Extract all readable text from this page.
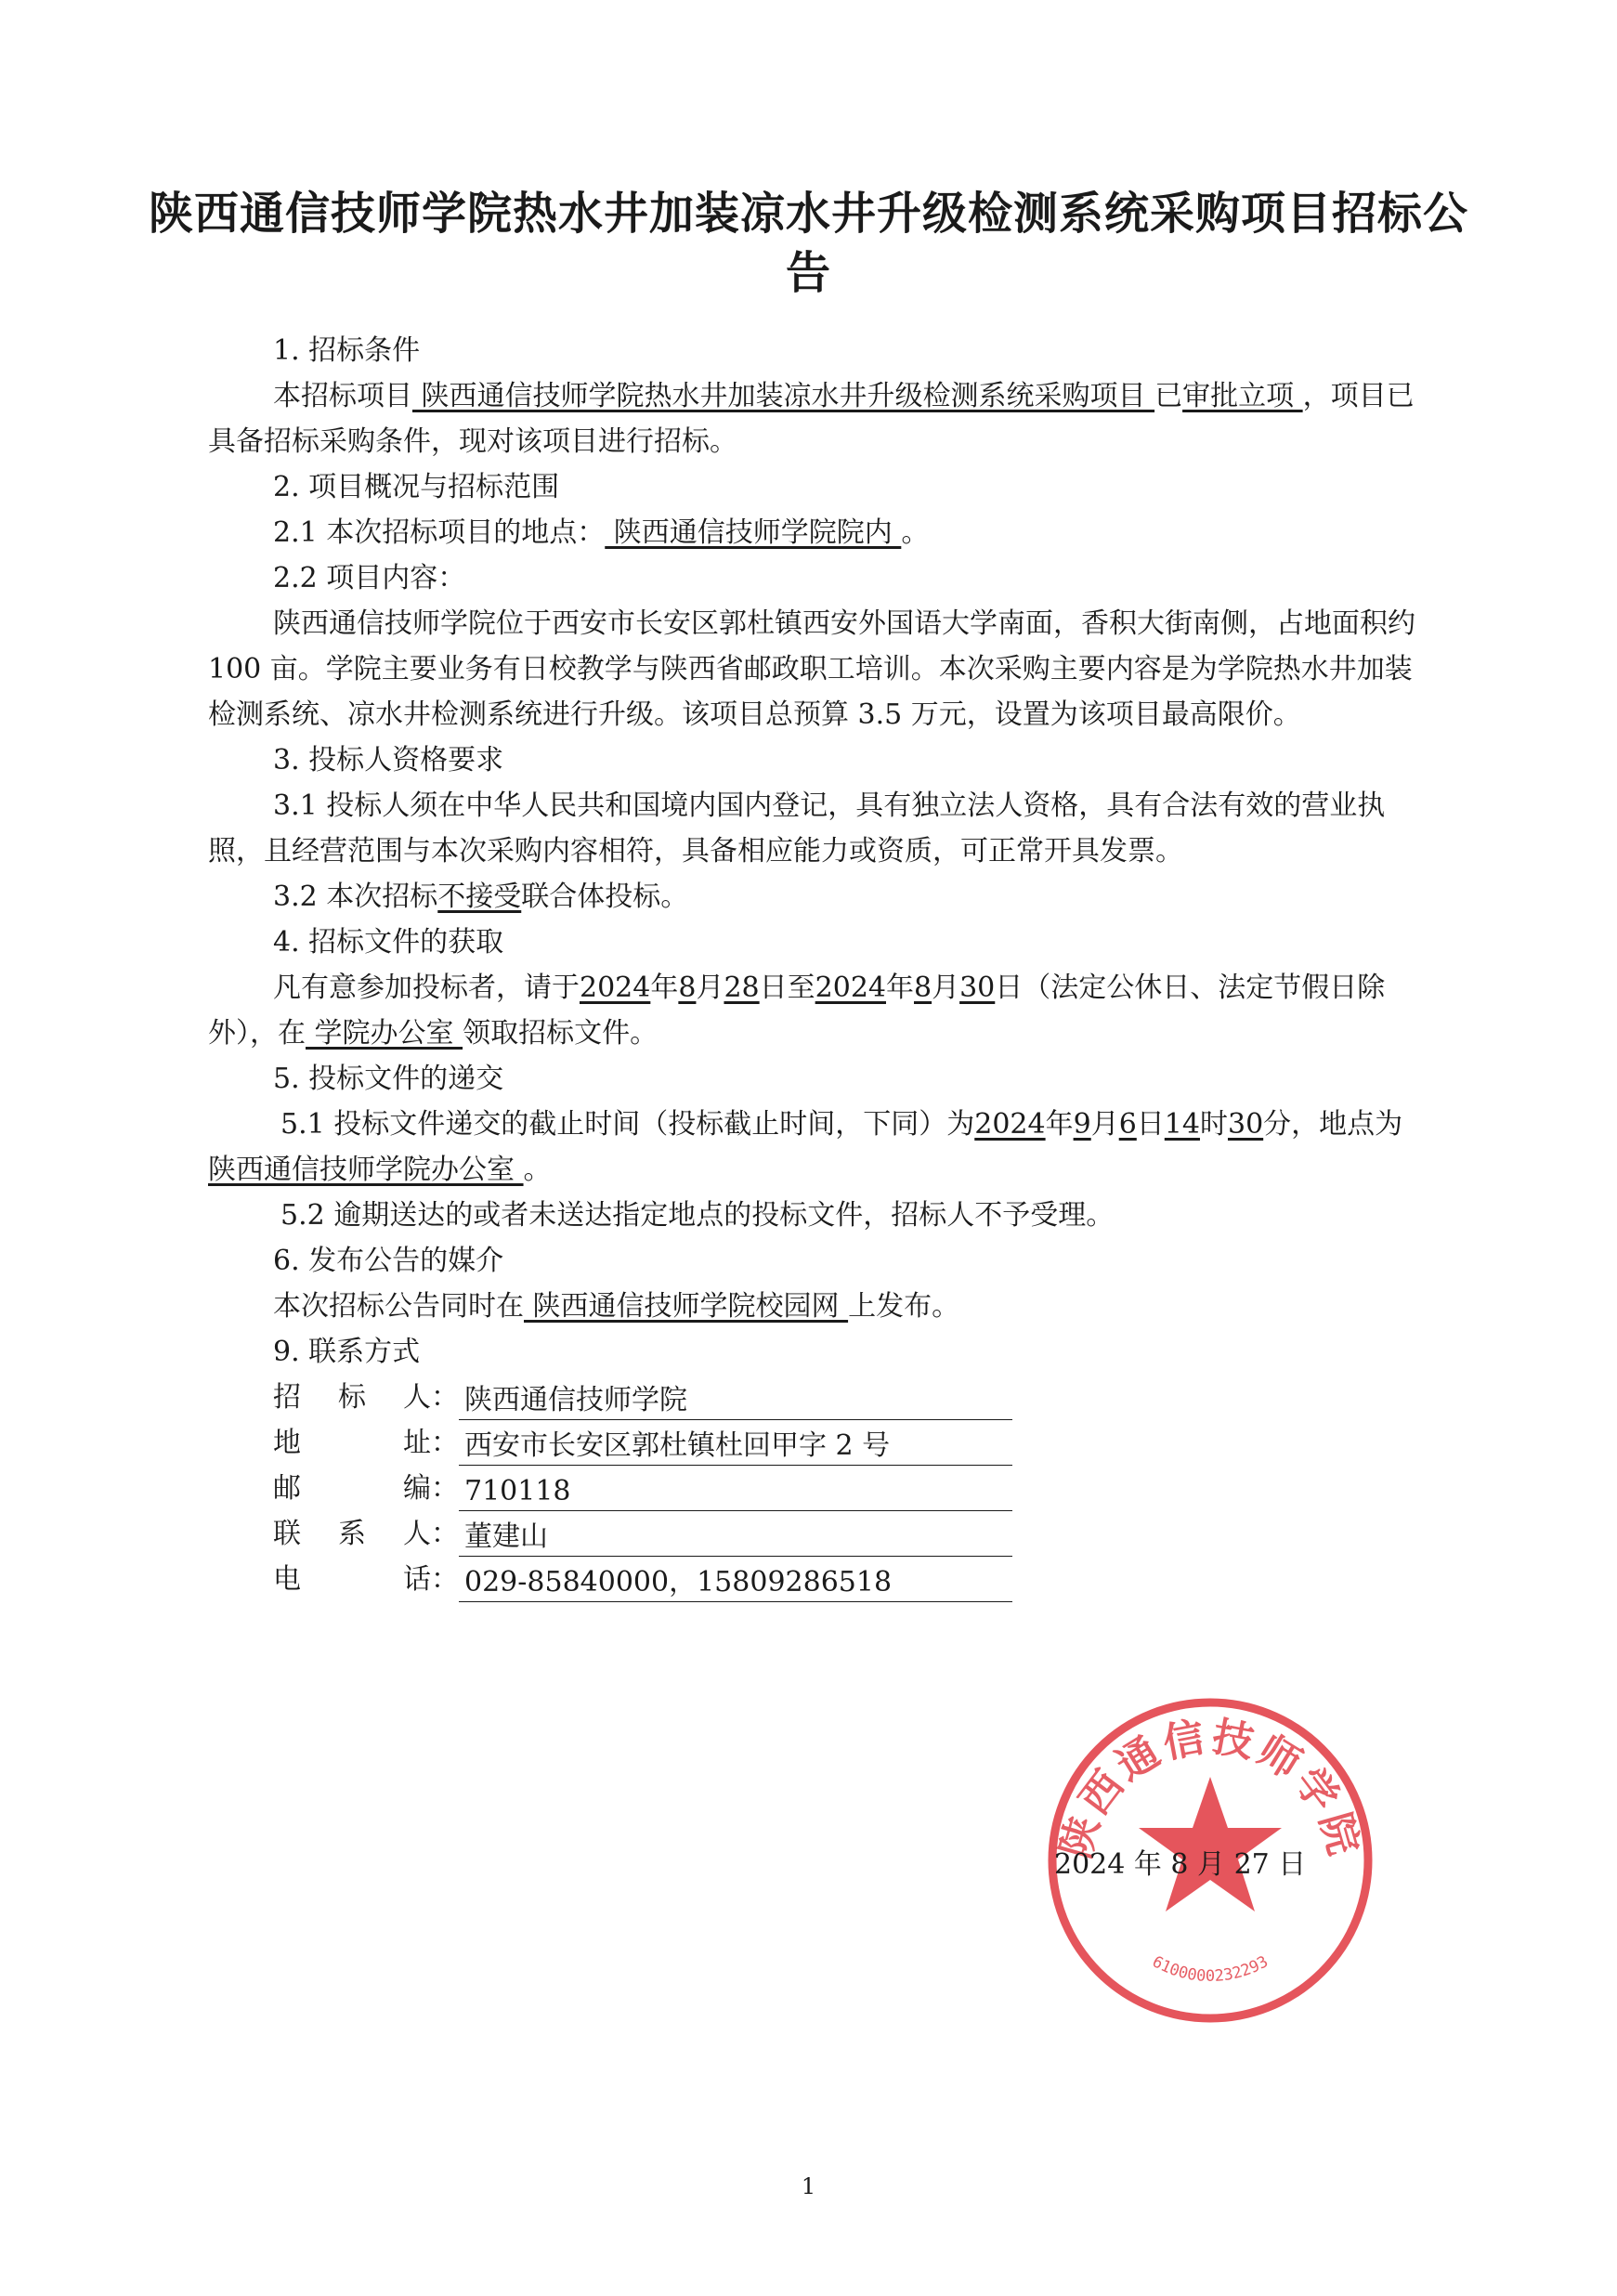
陕西通信技师学院热水井加装凉水井升级检测系统采购项目招标公告

1. 招标条件

本招标项目 陕西通信技师学院热水井加装凉水井升级检测系统采购项目 已审批立项 ，项目已具备招标采购条件，现对该项目进行招标。

2. 项目概况与招标范围

2.1 本次招标项目的地点： 陕西通信技师学院院内 。

2.2 项目内容：

陕西通信技师学院位于西安市长安区郭杜镇西安外国语大学南面，香积大街南侧，占地面积约 100 亩。学院主要业务有日校教学与陕西省邮政职工培训。本次采购主要内容是为学院热水井加装检测系统、凉水井检测系统进行升级。该项目总预算 3.5 万元，设置为该项目最高限价。

3. 投标人资格要求

3.1 投标人须在中华人民共和国境内国内登记，具有独立法人资格，具有合法有效的营业执照，且经营范围与本次采购内容相符，具备相应能力或资质，可正常开具发票。

3.2 本次招标不接受联合体投标。

4. 招标文件的获取

凡有意参加投标者，请于2024年8月28日至2024年8月30日（法定公休日、法定节假日除外），在 学院办公室 领取招标文件。

5. 投标文件的递交

5.1 投标文件递交的截止时间（投标截止时间，下同）为2024年9月6日14时30分，地点为 陕西通信技师学院办公室 。

5.2 逾期送达的或者未送达指定地点的投标文件，招标人不予受理。

6. 发布公告的媒介

本次招标公告同时在 陕西通信技师学院校园网 上发布。

9. 联系方式

招 标 人： 陕西通信技师学院
地	址： 西安市长安区郭杜镇杜回甲字 2 号
邮	编： 710118
联 系 人： 董建山
电	话： 029-85840000，15809286518
陕西通信技师学院
6100000232293
2024 年 8 月 27 日
1
